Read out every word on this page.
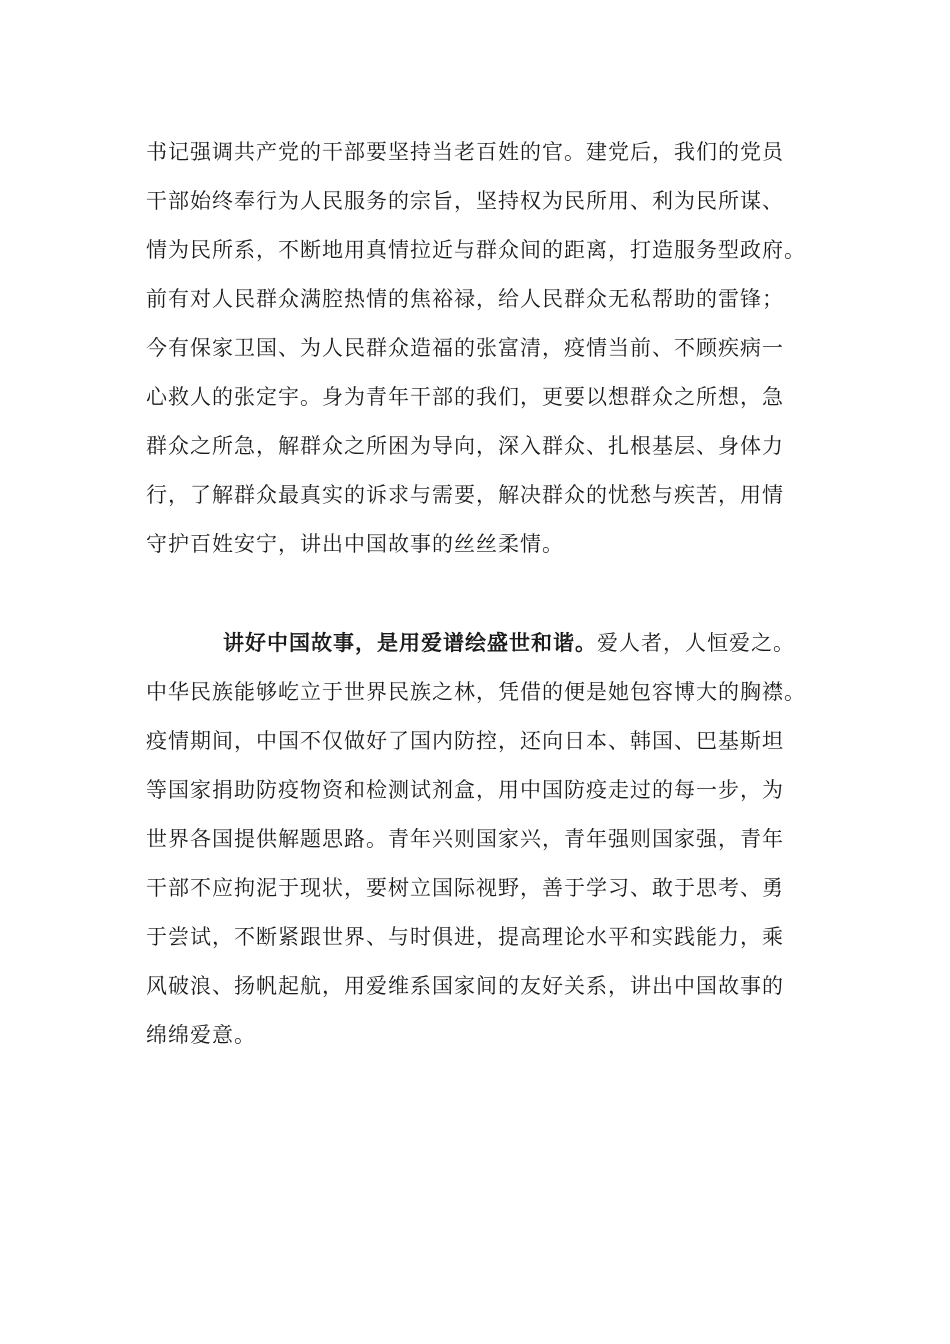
书记强调共产党的干部要坚持当老百姓的官。建党后，我们的党员
干部始终奉行为人民服务的宗旨，坚持权为民所用、利为民所谋、
情为民所系，不断地用真情拉近与群众间的距离，打造服务型政府。
前有对人民群众满腔热情的焦裕禄，给人民群众无私帮助的雷锋；
今有保家卫国、为人民群众造福的张富清，疫情当前、不顾疾病一
心救人的张定宇。身为青年干部的我们，更要以想群众之所想，急
群众之所急，解群众之所困为导向，深入群众、扎根基层、身体力
行，了解群众最真实的诉求与需要，解决群众的忧愁与疾苦，用情
守护百姓安宁，讲出中国故事的丝丝柔情。
讲好中国故事，是用爱谱绘盛世和谐。爱人者，人恒爱之。
中华民族能够屹立于世界民族之林，凭借的便是她包容博大的胸襟。
疫情期间，中国不仅做好了国内防控，还向日本、韩国、巴基斯坦
等国家捐助防疫物资和检测试剂盒，用中国防疫走过的每一步，为
世界各国提供解题思路。青年兴则国家兴，青年强则国家强，青年
干部不应拘泥于现状，要树立国际视野，善于学习、敢于思考、勇
于尝试，不断紧跟世界、与时俱进，提高理论水平和实践能力，乘
风破浪、扬帆起航，用爱维系国家间的友好关系，讲出中国故事的
绵绵爱意。
